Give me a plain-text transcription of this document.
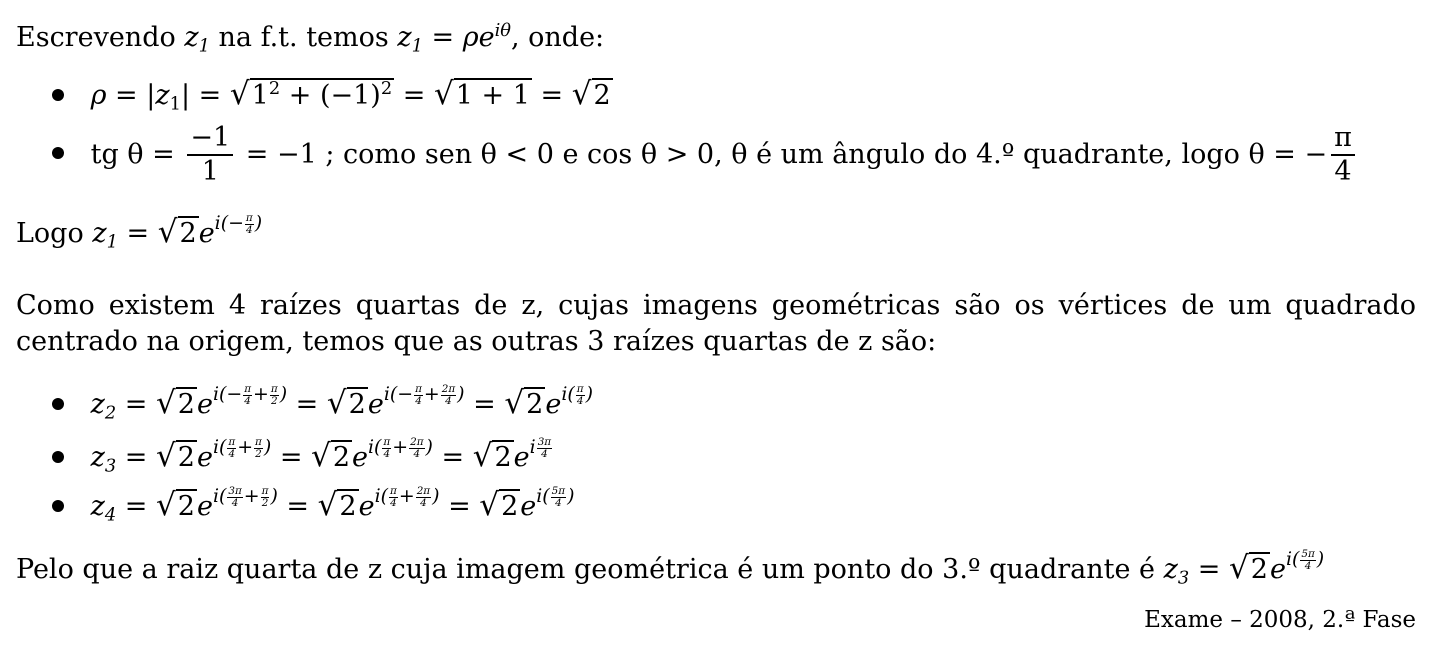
Escrevendo $z_1$ na f.t. temos $z_1 = \rho e^{i\theta}$, onde:
$\rho = |z_1| = √1^2 + (-1)^2 = √1 + 1 = √2$
tg $\theta = \frac{-1}{1} = -1$ ; como sen θ < 0 e cos θ > 0, θ é um ângulo do 4.º quadrante, logo θ = − $\frac{\pi}{4}$
Logo $z_1 = √2e^{i(- \frac{\pi}{4} )}$
Como existem 4 raízes quartas de z, cujas imagens geométricas são os vértices de um quadrado centrado na origem, temos que as outras 3 raízes quartas de z são:
$z_2 = √2e^{i(- \frac{\pi}{4} + \frac{\pi}{2} )} = √2e^{i(- \frac{\pi}{4} + \frac{2\pi}{4} )} = √2e^{i( \frac{\pi}{4} )}$
$z_3 = √2e^{i( \frac{\pi}{4} + \frac{\pi}{2} )} = √2e^{i( \frac{\pi}{4} + \frac{2\pi}{4} )} = √2e^{i \frac{3\pi}{4}}$
$z_4 = √2e^{i( \frac{3\pi}{4} + \frac{\pi}{2} )} = √2e^{i( \frac{\pi}{4} + \frac{2\pi}{4} )} = √2e^{i( \frac{5\pi}{4} )}$
Pelo que a raiz quarta de z cuja imagem geométrica é um ponto do 3.º quadrante é $z_3 = √2e^{i( \frac{5\pi}{4} )}$
Exame – 2008, 2.ª Fase
